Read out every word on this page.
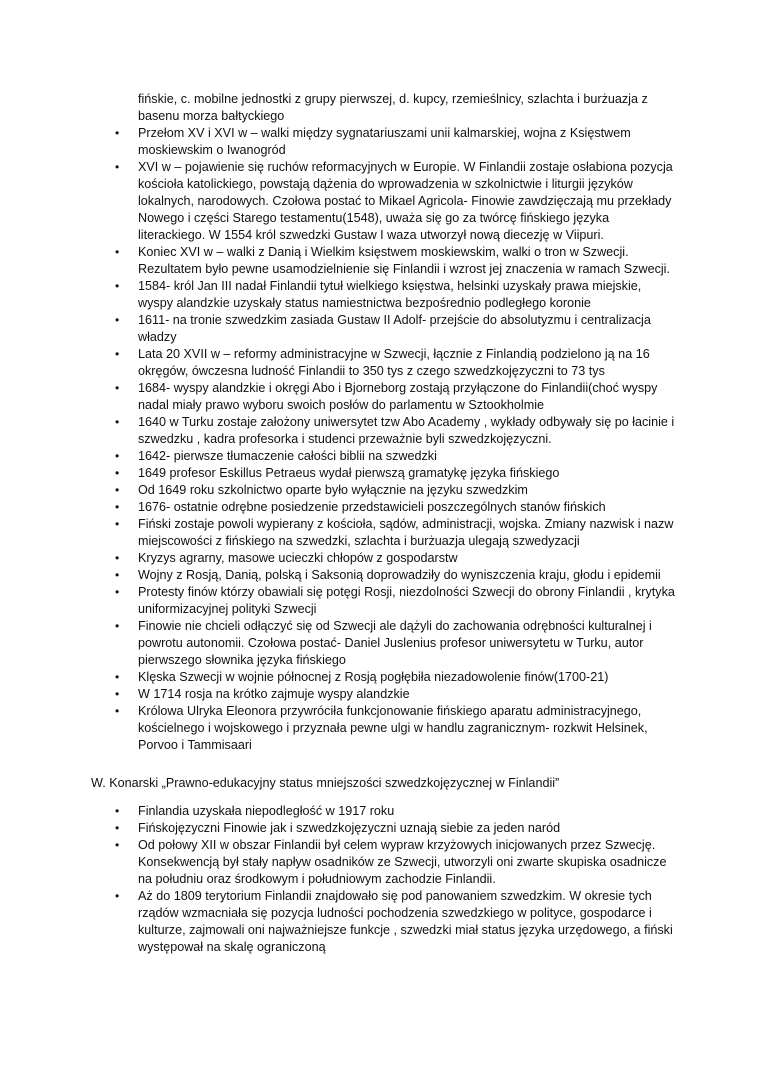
fińskie, c. mobilne jednostki z grupy pierwszej, d. kupcy, rzemieślnicy, szlachta i burżuazja z basenu morza bałtyckiego

• Przełom XV i XVI w – walki między sygnatariuszami unii kalmarskiej, wojna z Księstwem moskiewskim o Iwanogród
• XVI w – pojawienie się ruchów reformacyjnych w Europie. W Finlandii zostaje osłabiona pozycja kościoła katolickiego, powstają dążenia do wprowadzenia w szkolnictwie i liturgii języków lokalnych, narodowych. Czołowa postać to Mikael Agricola- Finowie zawdzięczają mu przekłady Nowego i części Starego testamentu(1548), uważa się go za twórcę fińskiego języka literackiego. W 1554 król szwedzki Gustaw I waza utworzył nową diecezję w Viipuri.
• Koniec XVI w – walki z Danią i Wielkim księstwem moskiewskim, walki o tron w Szwecji. Rezultatem było pewne usamodzielnienie się Finlandii i wzrost jej znaczenia w ramach Szwecji.
• 1584- król Jan III nadał Finlandii tytuł wielkiego księstwa, helsinki uzyskały prawa miejskie, wyspy alandzkie uzyskały status namiestnictwa bezpośrednio podległego koronie
• 1611- na tronie szwedzkim zasiada Gustaw II Adolf- przejście do absolutyzmu i centralizacja władzy
• Lata 20 XVII w – reformy administracyjne w Szwecji, łącznie z Finlandią podzielono ją na 16 okręgów, ówczesna ludność Finlandii to 350 tys z czego szwedzkojęzyczni to 73 tys
• 1684- wyspy alandzkie i okręgi Abo i Bjorneborg zostają przyłączone do Finlandii(choć wyspy nadal miały prawo wyboru swoich posłów do parlamentu w Sztookholmie
• 1640 w Turku zostaje założony uniwersytet tzw Abo Academy , wykłady odbywały się po łacinie i szwedzku , kadra profesorka i studenci przeważnie byli szwedzkojęzyczni.
• 1642- pierwsze tłumaczenie całości biblii na szwedzki
• 1649 profesor Eskillus Petraeus wydał pierwszą gramatykę języka fińskiego
• Od 1649 roku szkolnictwo oparte było wyłącznie na języku szwedzkim
• 1676- ostatnie odrębne posiedzenie przedstawicieli poszczególnych stanów fińskich
• Fiński zostaje powoli wypierany z kościoła, sądów, administracji, wojska. Zmiany nazwisk i nazw miejscowości z fińskiego na szwedzki, szlachta i burżuazja ulegają szwedyzacji
• Kryzys agrarny, masowe ucieczki chłopów z gospodarstw
• Wojny z Rosją, Danią, polską i Saksonią doprowadziły do wyniszczenia kraju, głodu i epidemii
• Protesty finów którzy obawiali się potęgi Rosji, niezdolności Szwecji do obrony Finlandii , krytyka uniformizacyjnej polityki Szwecji
• Finowie nie chcieli odłączyć się od Szwecji ale dążyli do zachowania odrębności kulturalnej i powrotu autonomii. Czołowa postać- Daniel Juslenius profesor uniwersytetu w Turku, autor pierwszego słownika języka fińskiego
• Klęska Szwecji w wojnie północnej z Rosją pogłębiła niezadowolenie finów(1700-21)
• W 1714 rosja na krótko zajmuje wyspy alandzkie
• Królowa Ulryka Eleonora przywróciła funkcjonowanie fińskiego aparatu administracyjnego, kościelnego i wojskowego i przyznała pewne ulgi w handlu zagranicznym- rozkwit Helsinek, Porvoo i Tammisaari

W. Konarski „Prawno-edukacyjny status mniejszości szwedzkojęzycznej w Finlandii”

• Finlandia uzyskała niepodległość w 1917 roku
• Fińskojęzyczni Finowie jak i szwedzkojęzyczni uznają siebie za jeden naród
• Od połowy XII w obszar Finlandii był celem wypraw krzyżowych inicjowanych przez Szwecję. Konsekwencją był stały napływ osadników ze Szwecji, utworzyli oni zwarte skupiska osadnicze na południu oraz środkowym i południowym zachodzie Finlandii.
• Aż do 1809 terytorium Finlandii znajdowało się pod panowaniem szwedzkim. W okresie tych rządów wzmacniała się pozycja ludności pochodzenia szwedzkiego w polityce, gospodarce i kulturze, zajmowali oni najważniejsze funkcje , szwedzki miał status języka urzędowego, a fiński występował na skalę ograniczoną
